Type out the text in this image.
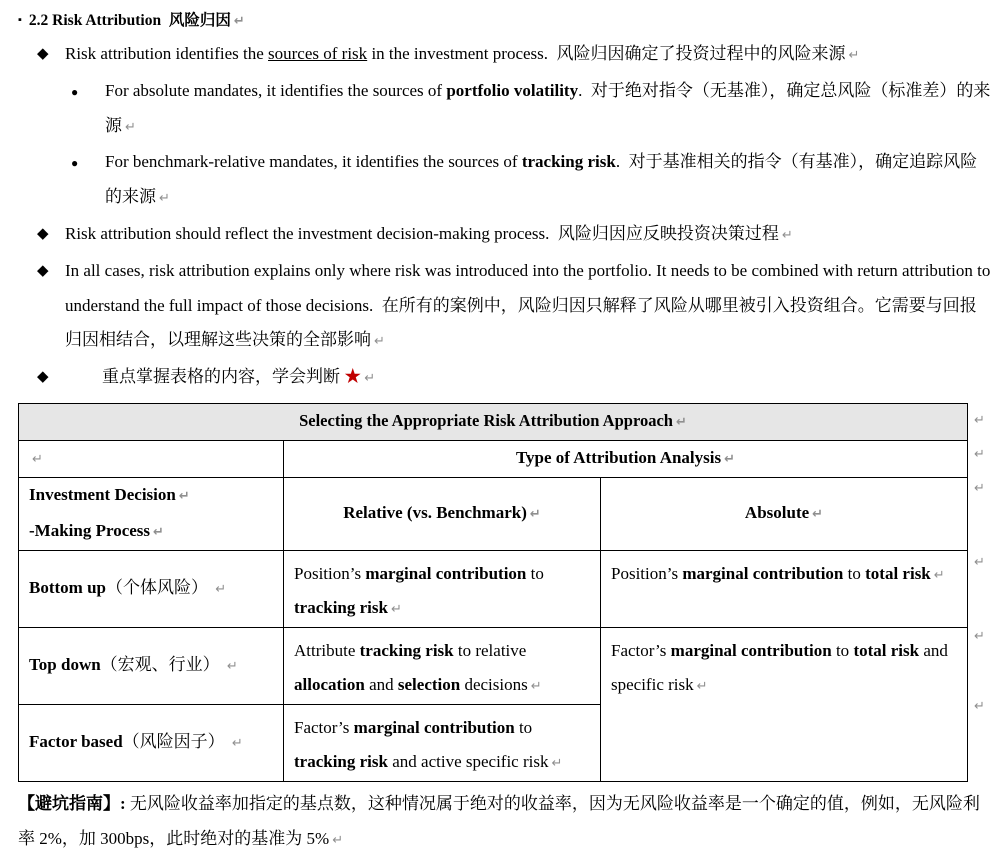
▪ 2.2 Risk Attribution  风险归因 ↵
◆ Risk attribution identifies the sources of risk in the investment process.  风险归因确定了投资过程中的风险来源 ↵
● For absolute mandates, it identifies the sources of portfolio volatility.  对于绝对指令（无基准），确定总风险（标准差）的来源 ↵
● For benchmark-relative mandates, it identifies the sources of tracking risk.  对于基准相关的指令（有基准），确定追踪风险的来源 ↵
◆ Risk attribution should reflect the investment decision-making process.  风险归因应反映投资决策过程 ↵
◆ In all cases, risk attribution explains only where risk was introduced into the portfolio. It needs to be combined with return attribution to understand the full impact of those decisions.  在所有的案例中，风险归因只解释了风险从哪里被引入投资组合。它需要与回报归因相结合，以理解这些决策的全部影响 ↵
◆	重点掌握表格的内容，学会判断 ★ ↵
Selecting the Appropriate Risk Attribution Approach ↵		
↵	Type of Attribution Analysis ↵	

Investment Decision ↵
-Making Process ↵	Relative (vs. Benchmark) ↵	Absolute ↵
Bottom up（个体风险） ↵	Position’s marginal contribution to tracking risk ↵	Position’s marginal contribution to total risk ↵
Top down（宏观、行业） ↵	Attribute tracking risk to relative allocation and selection decisions ↵	Factor’s marginal contribution to total risk and specific risk ↵
Factor based（风险因子） ↵	Factor’s marginal contribution to tracking risk and active specific risk ↵	
↵
↵
↵
↵
↵
↵
【避坑指南】: 无风险收益率加指定的基点数，这种情况属于绝对的收益率，因为无风险收益率是一个确定的值，例如，无风险利率 2%，加 300bps，此时绝对的基准为 5% ↵
